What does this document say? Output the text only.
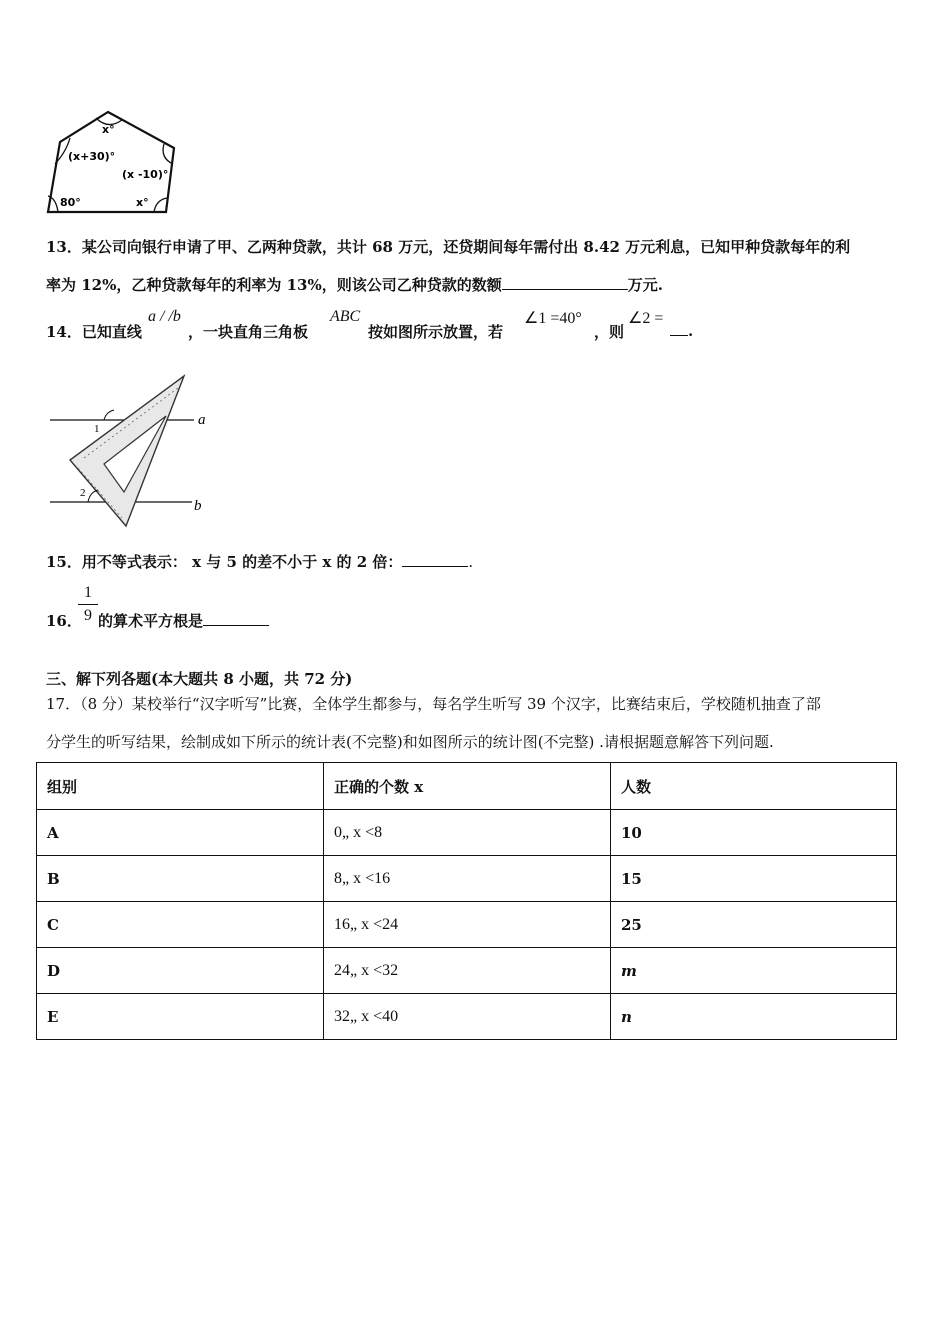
x°
(x+30)°
(x -10)°
80°	x°
13．某公司向银行申请了甲、乙两种贷款，共计 68 万元，还贷期间每年需付出 8.42 万元利息，已知甲种贷款每年的利
率为 12%，乙种贷款每年的利率为 13%，则该公司乙种贷款的数额	万元.
14．已知直线
a / /b
，一块直角三角板
ABC
按如图所示放置，若
∠1 =40°
，则
∠2 =
.
1
2
a
b
15．用不等式表示： x 与 5 的差不小于 x 的 2 倍：	.
16．
1
9 的算术平方根是
三、解下列各题(本大题共 8 小题，共 72 分)
17．（8 分）某校举行“汉字听写”比赛，全体学生都参与，每名学生听写 39 个汉字，比赛结束后，学校随机抽查了部
分学生的听写结果，绘制成如下所示的统计表(不完整)和如图所示的统计图(不完整) .请根据题意解答下列问题.
组别	正确的个数 x	人数
A	0„ x <8	10
B	8„ x <16	15
C	16„ x <24	25
D	24„ x <32	m
E	32„ x <40	n
